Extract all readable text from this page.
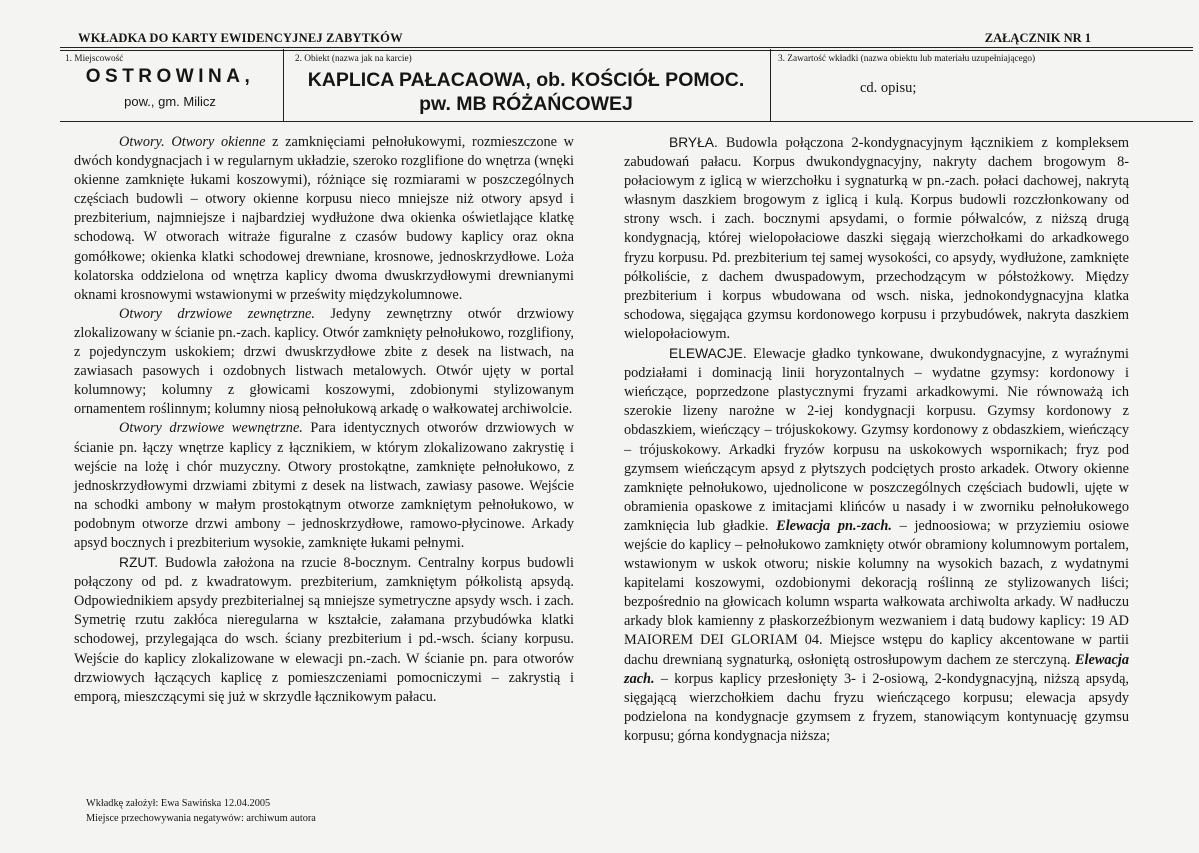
WKŁADKA DO KARTY EWIDENCYJNEJ ZABYTKÓW	ZAŁĄCZNIK NR 1
1. Miejscowość
OSTROWINA,
pow., gm. Milicz
2. Obiekt (nazwa jak na karcie)
KAPLICA PAŁACAOWA, ob. KOŚCIÓŁ POMOC.
pw. MB RÓŻAŃCOWEJ
3. Zawartość wkładki (nazwa obiektu lub materiału uzupełniającego)
cd. opisu;

Otwory. Otwory okienne z zamknięciami pełnołukowymi, rozmieszczone w dwóch kondygnacjach i w regularnym układzie, szeroko rozglifione do wnętrza (wnęki okienne zamknięte łukami koszowymi), różniące się rozmiarami w poszczególnych częściach budowli – otwory okienne korpusu nieco mniejsze niż otwory apsyd i prezbiterium, najmniejsze i najbardziej wydłużone dwa okienka oświetlające klatkę schodową. W otworach witraże figuralne z czasów budowy kaplicy oraz okna gomółkowe; okienka klatki schodowej drewniane, krosnowe, jednoskrzydłowe. Loża kolatorska oddzielona od wnętrza kaplicy dwoma dwuskrzydłowymi drewnianymi oknami krosnowymi wstawionymi w prześwity międzykolumnowe.

Otwory drzwiowe zewnętrzne. Jedyny zewnętrzny otwór drzwiowy zlokalizowany w ścianie pn.-zach. kaplicy. Otwór zamknięty pełnołukowo, rozglifiony, z pojedynczym uskokiem; drzwi dwuskrzydłowe zbite z desek na listwach, na zawiasach pasowych i ozdobnych listwach metalowych. Otwór ujęty w portal kolumnowy; kolumny z głowicami koszowymi, zdobionymi stylizowanym ornamentem roślinnym; kolumny niosą pełnołukową arkadę o wałkowatej archiwolcie.

Otwory drzwiowe wewnętrzne. Para identycznych otworów drzwiowych w ścianie pn. łączy wnętrze kaplicy z łącznikiem, w którym zlokalizowano zakrystię i wejście na lożę i chór muzyczny. Otwory prostokątne, zamknięte pełnołukowo, z jednoskrzydłowymi drzwiami zbitymi z desek na listwach, zawiasy pasowe. Wejście na schodki ambony w małym prostokątnym otworze zamkniętym pełnołukowo, w podobnym otworze drzwi ambony – jednoskrzydłowe, ramowo-płycinowe. Arkady apsyd bocznych i prezbiterium wysokie, zamknięte łukami pełnymi.

RZUT. Budowla założona na rzucie 8-bocznym. Centralny korpus budowli połączony od pd. z kwadratowym. prezbiterium, zamkniętym półkolistą apsydą. Odpowiednikiem apsydy prezbiterialnej są mniejsze symetryczne apsydy wsch. i zach. Symetrię rzutu zakłóca nieregularna w kształcie, załamana przybudówka klatki schodowej, przylegająca do wsch. ściany prezbiterium i pd.-wsch. ściany korpusu. Wejście do kaplicy zlokalizowane w elewacji pn.-zach. W ścianie pn. para otworów drzwiowych łączących kaplicę z pomieszczeniami pomocniczymi – zakrystią i emporą, mieszczącymi się już w skrzydle łącznikowym pałacu.

BRYŁA. Budowla połączona 2-kondygnacyjnym łącznikiem z kompleksem zabudowań pałacu. Korpus dwukondygnacyjny, nakryty dachem brogowym 8-połaciowym z iglicą w wierzchołku i sygnaturką w pn.-zach. połaci dachowej, nakrytą własnym daszkiem brogowym z iglicą i kulą. Korpus budowli rozczłonkowany od strony wsch. i zach. bocznymi apsydami, o formie półwalców, z niższą drugą kondygnacją, której wielopołaciowe daszki sięgają wierzchołkami do arkadkowego fryzu korpusu. Pd. prezbiterium tej samej wysokości, co apsydy, wydłużone, zamknięte półkoliście, z dachem dwuspadowym, przechodzącym w półstożkowy. Między prezbiterium i korpus wbudowana od wsch. niska, jednokondygnacyjna klatka schodowa, sięgająca gzymsu kordonowego korpusu i przybudówek, nakryta daszkiem wielopołaciowym.

ELEWACJE. Elewacje gładko tynkowane, dwukondygnacyjne, z wyraźnymi podziałami i dominacją linii horyzontalnych – wydatne gzymsy: kordonowy i wieńczące, poprzedzone plastycznymi fryzami arkadkowymi. Nie równoważą ich szerokie lizeny narożne w 2-iej kondygnacji korpusu. Gzymsy kordonowy z obdaszkiem, wieńczący – trójuskokowy. Gzymsy kordonowy z obdaszkiem, wieńczący – trójuskokowy. Arkadki fryzów korpusu na uskokowych wspornikach; fryz pod gzymsem wieńczącym apsyd z płytszych podciętych prosto arkadek. Otwory okienne zamknięte pełnołukowo, ujednolicone w poszczególnych częściach budowli, ujęte w obramienia opaskowe z imitacjami klińców u nasady i w zworniku pełnołukowego zamknięcia lub gładkie. Elewacja pn.-zach. – jednoosiowa; w przyziemiu osiowe wejście do kaplicy – pełnołukowo zamknięty otwór obramiony kolumnowym portalem, wstawionym w uskok otworu; niskie kolumny na wysokich bazach, z wydatnymi kapitelami koszowymi, ozdobionymi dekoracją roślinną ze stylizowanych liści; bezpośrednio na głowicach kolumn wsparta wałkowata archiwolta arkady. W nadłuczu arkady blok kamienny z płaskorzeźbionym wezwaniem i datą budowy kaplicy: 19 AD MAIOREM DEI GLORIAM 04. Miejsce wstępu do kaplicy akcentowane w partii dachu drewnianą sygnaturką, osłoniętą ostrosłupowym dachem ze sterczyną. Elewacja zach. – korpus kaplicy przesłonięty 3- i 2-osiową, 2-kondygnacyjną, niższą apsydą, sięgającą wierzchołkiem dachu fryzu wieńczącego korpusu; elewacja apsydy podzielona na kondygnacje gzymsem z fryzem, stanowiącym kontynuację gzymsu korpusu; górna kondygnacja niższa;

Wkładkę założył: Ewa Sawińska 12.04.2005
Miejsce przechowywania negatywów: archiwum autora
